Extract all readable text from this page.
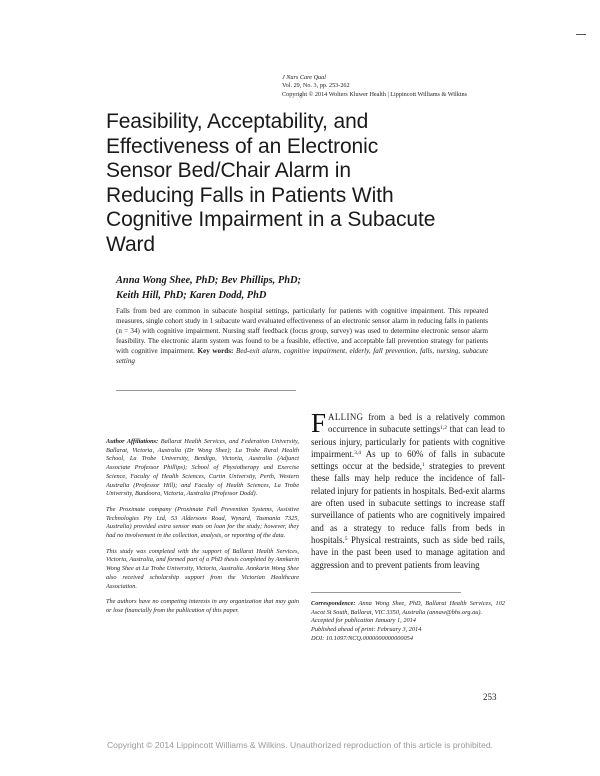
J Nurs Care Qual
Vol. 29, No. 3, pp. 253-262
Copyright © 2014 Wolters Kluwer Health | Lippincott Williams & Wilkins
Feasibility, Acceptability, and Effectiveness of an Electronic Sensor Bed/Chair Alarm in Reducing Falls in Patients With Cognitive Impairment in a Subacute Ward
Anna Wong Shee, PhD; Bev Phillips, PhD;
Keith Hill, PhD; Karen Dodd, PhD

Falls from bed are common in subacute hospital settings, particularly for patients with cognitive impairment. This repeated measures, single cohort study in 1 subacute ward evaluated effectiveness of an electronic sensor alarm in reducing falls in patients (n = 34) with cognitive impairment. Nursing staff feedback (focus group, survey) was used to determine electronic sensor alarm feasibility. The electronic alarm system was found to be a feasible, effective, and acceptable fall prevention strategy for patients with cognitive impairment. Key words: Bed-exit alarm, cognitive impairment, elderly, fall prevention, falls, nursing, subacute setting

Author Affiliations: Ballarat Health Services, and Federation University, Ballarat, Victoria, Australia (Dr Wong Shee); La Trobe Rural Health School, La Trobe University, Bendigo, Victoria, Australia (Adjunct Associate Professor Phillips); School of Physiotherapy and Exercise Science, Faculty of Health Sciences, Curtin University, Perth, Western Australia (Professor Hill); and Faculty of Health Sciences, La Trobe University, Bundoora, Victoria, Australia (Professor Dodd).

The Proximate company (Proximate Fall Prevention Systems, Assistive Technologies Pty Ltd, 53 Aldersons Road, Wynard, Tasmania 7325, Australia) provided extra sensor mats on loan for the study; however, they had no involvement in the collection, analysis, or reporting of the data.

This study was completed with the support of Ballarat Health Services, Victoria, Australia, and formed part of a PhD thesis completed by Annkarin Wong Shee at La Trobe University, Victoria, Australia. Annkarin Wong Shee also received scholarship support from the Victorian Healthcare Association.

The authors have no competing interests in any organization that may gain or lose financially from the publication of this paper.

FALLING from a bed is a relatively common occurrence in subacute settings$^{1,2}$ that can lead to serious injury, particularly for patients with cognitive impairment.$^{3,4}$ As up to 60% of falls in subacute settings occur at the bedside,$^1$ strategies to prevent these falls may help reduce the incidence of fall-related injury for patients in hospitals. Bed-exit alarms are often used in subacute settings to increase staff surveillance of patients who are cognitively impaired and as a strategy to reduce falls from beds in hospitals.$^5$ Physical restraints, such as side bed rails, have in the past been used to manage agitation and aggression and to prevent patients from leaving

Correspondence: Anna Wong Shee, PhD, Ballarat Health Services, 102 Ascot St South, Ballarat, VIC 3350, Australia (annaw@bhs.org.au).

Accepted for publication January 1, 2014

Published ahead of print: February 3, 2014

DOI: 10.1097/NCQ.0000000000000054

253
Copyright © 2014 Lippincott Williams & Wilkins. Unauthorized reproduction of this article is prohibited.
